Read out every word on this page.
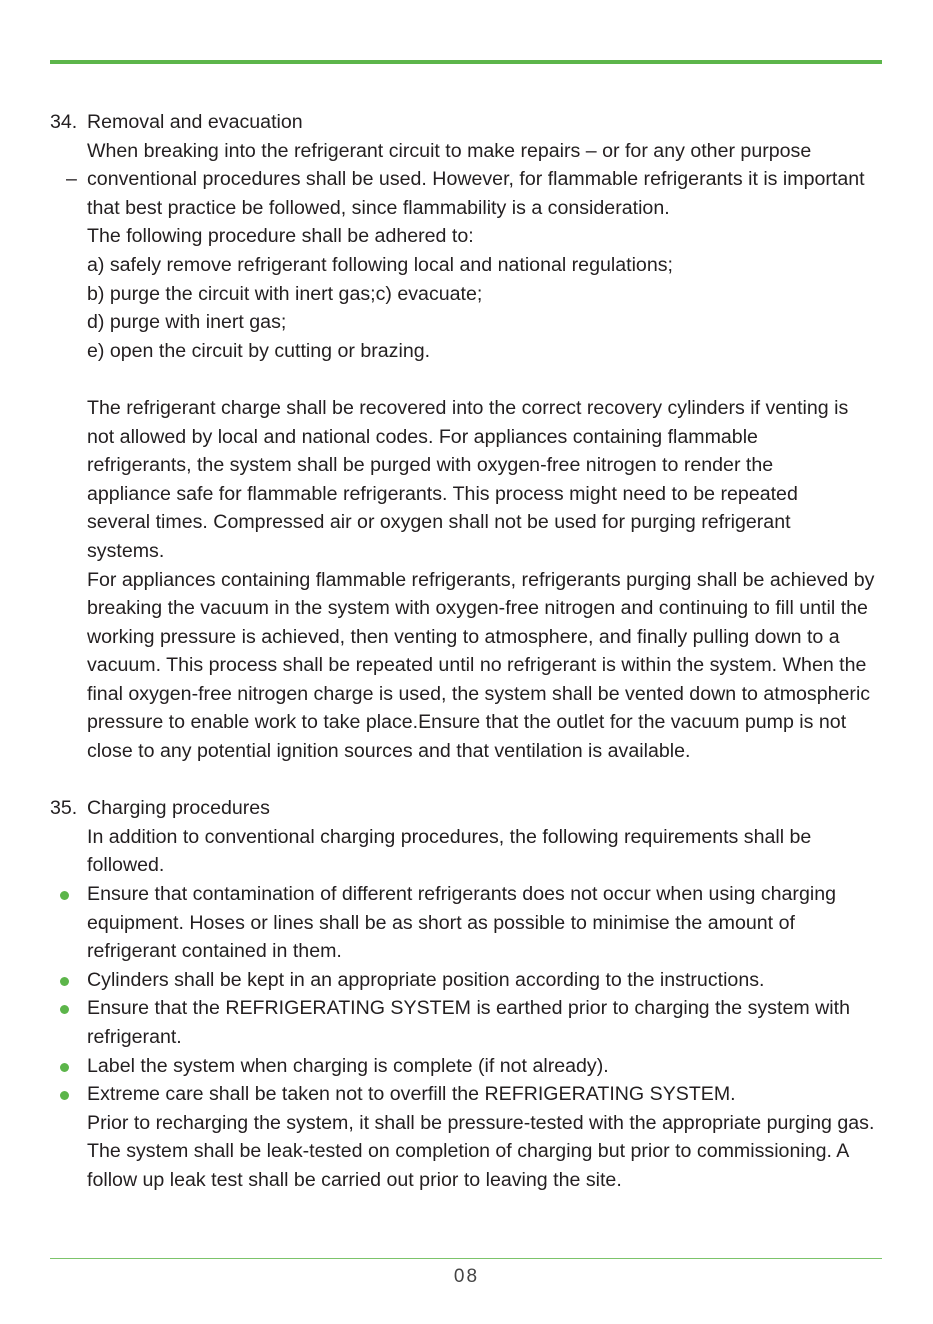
34. Removal and evacuation

When breaking into the refrigerant circuit to make repairs – or for any other purpose

– conventional procedures shall be used. However, for flammable refrigerants it is important that best practice be followed, since flammability is a consideration.

The following procedure shall be adhered to:

a) safely remove refrigerant following local and national regulations;

b) purge the circuit with inert gas;c) evacuate;

d) purge with inert gas;

e) open the circuit by cutting or brazing.

The refrigerant charge shall be recovered into the correct recovery cylinders if venting is not allowed by local and national codes. For appliances containing flammable refrigerants, the system shall be purged with oxygen-free nitrogen to render the appliance safe for flammable refrigerants. This process might need to be repeated several times. Compressed air or oxygen shall not be used for purging refrigerant systems.

For appliances containing flammable refrigerants, refrigerants purging shall be achieved by breaking the vacuum in the system with oxygen-free nitrogen and continuing to fill until the working pressure is achieved, then venting to atmosphere, and finally pulling down to a vacuum. This process shall be repeated until no refrigerant is within the system. When the final oxygen-free nitrogen charge is used, the system shall be vented down to atmospheric pressure to enable work to take place.Ensure that the outlet for the vacuum pump is not close to any potential ignition sources and that ventilation is available.

35. Charging procedures

In addition to conventional charging procedures, the following requirements shall be followed.

Ensure that contamination of different refrigerants does not occur when using charging equipment. Hoses or lines shall be as short as possible to minimise the amount of refrigerant contained in them.
Cylinders shall be kept in an appropriate position according to the instructions.
Ensure that the REFRIGERATING SYSTEM is earthed prior to charging the system with refrigerant.
Label the system when charging is complete (if not already).
Extreme care shall be taken not to overfill the REFRIGERATING SYSTEM.

Prior to recharging the system, it shall be pressure-tested with the appropriate purging gas. The system shall be leak-tested on completion of charging but prior to commissioning. A follow up leak test shall be carried out prior to leaving the site.

08
